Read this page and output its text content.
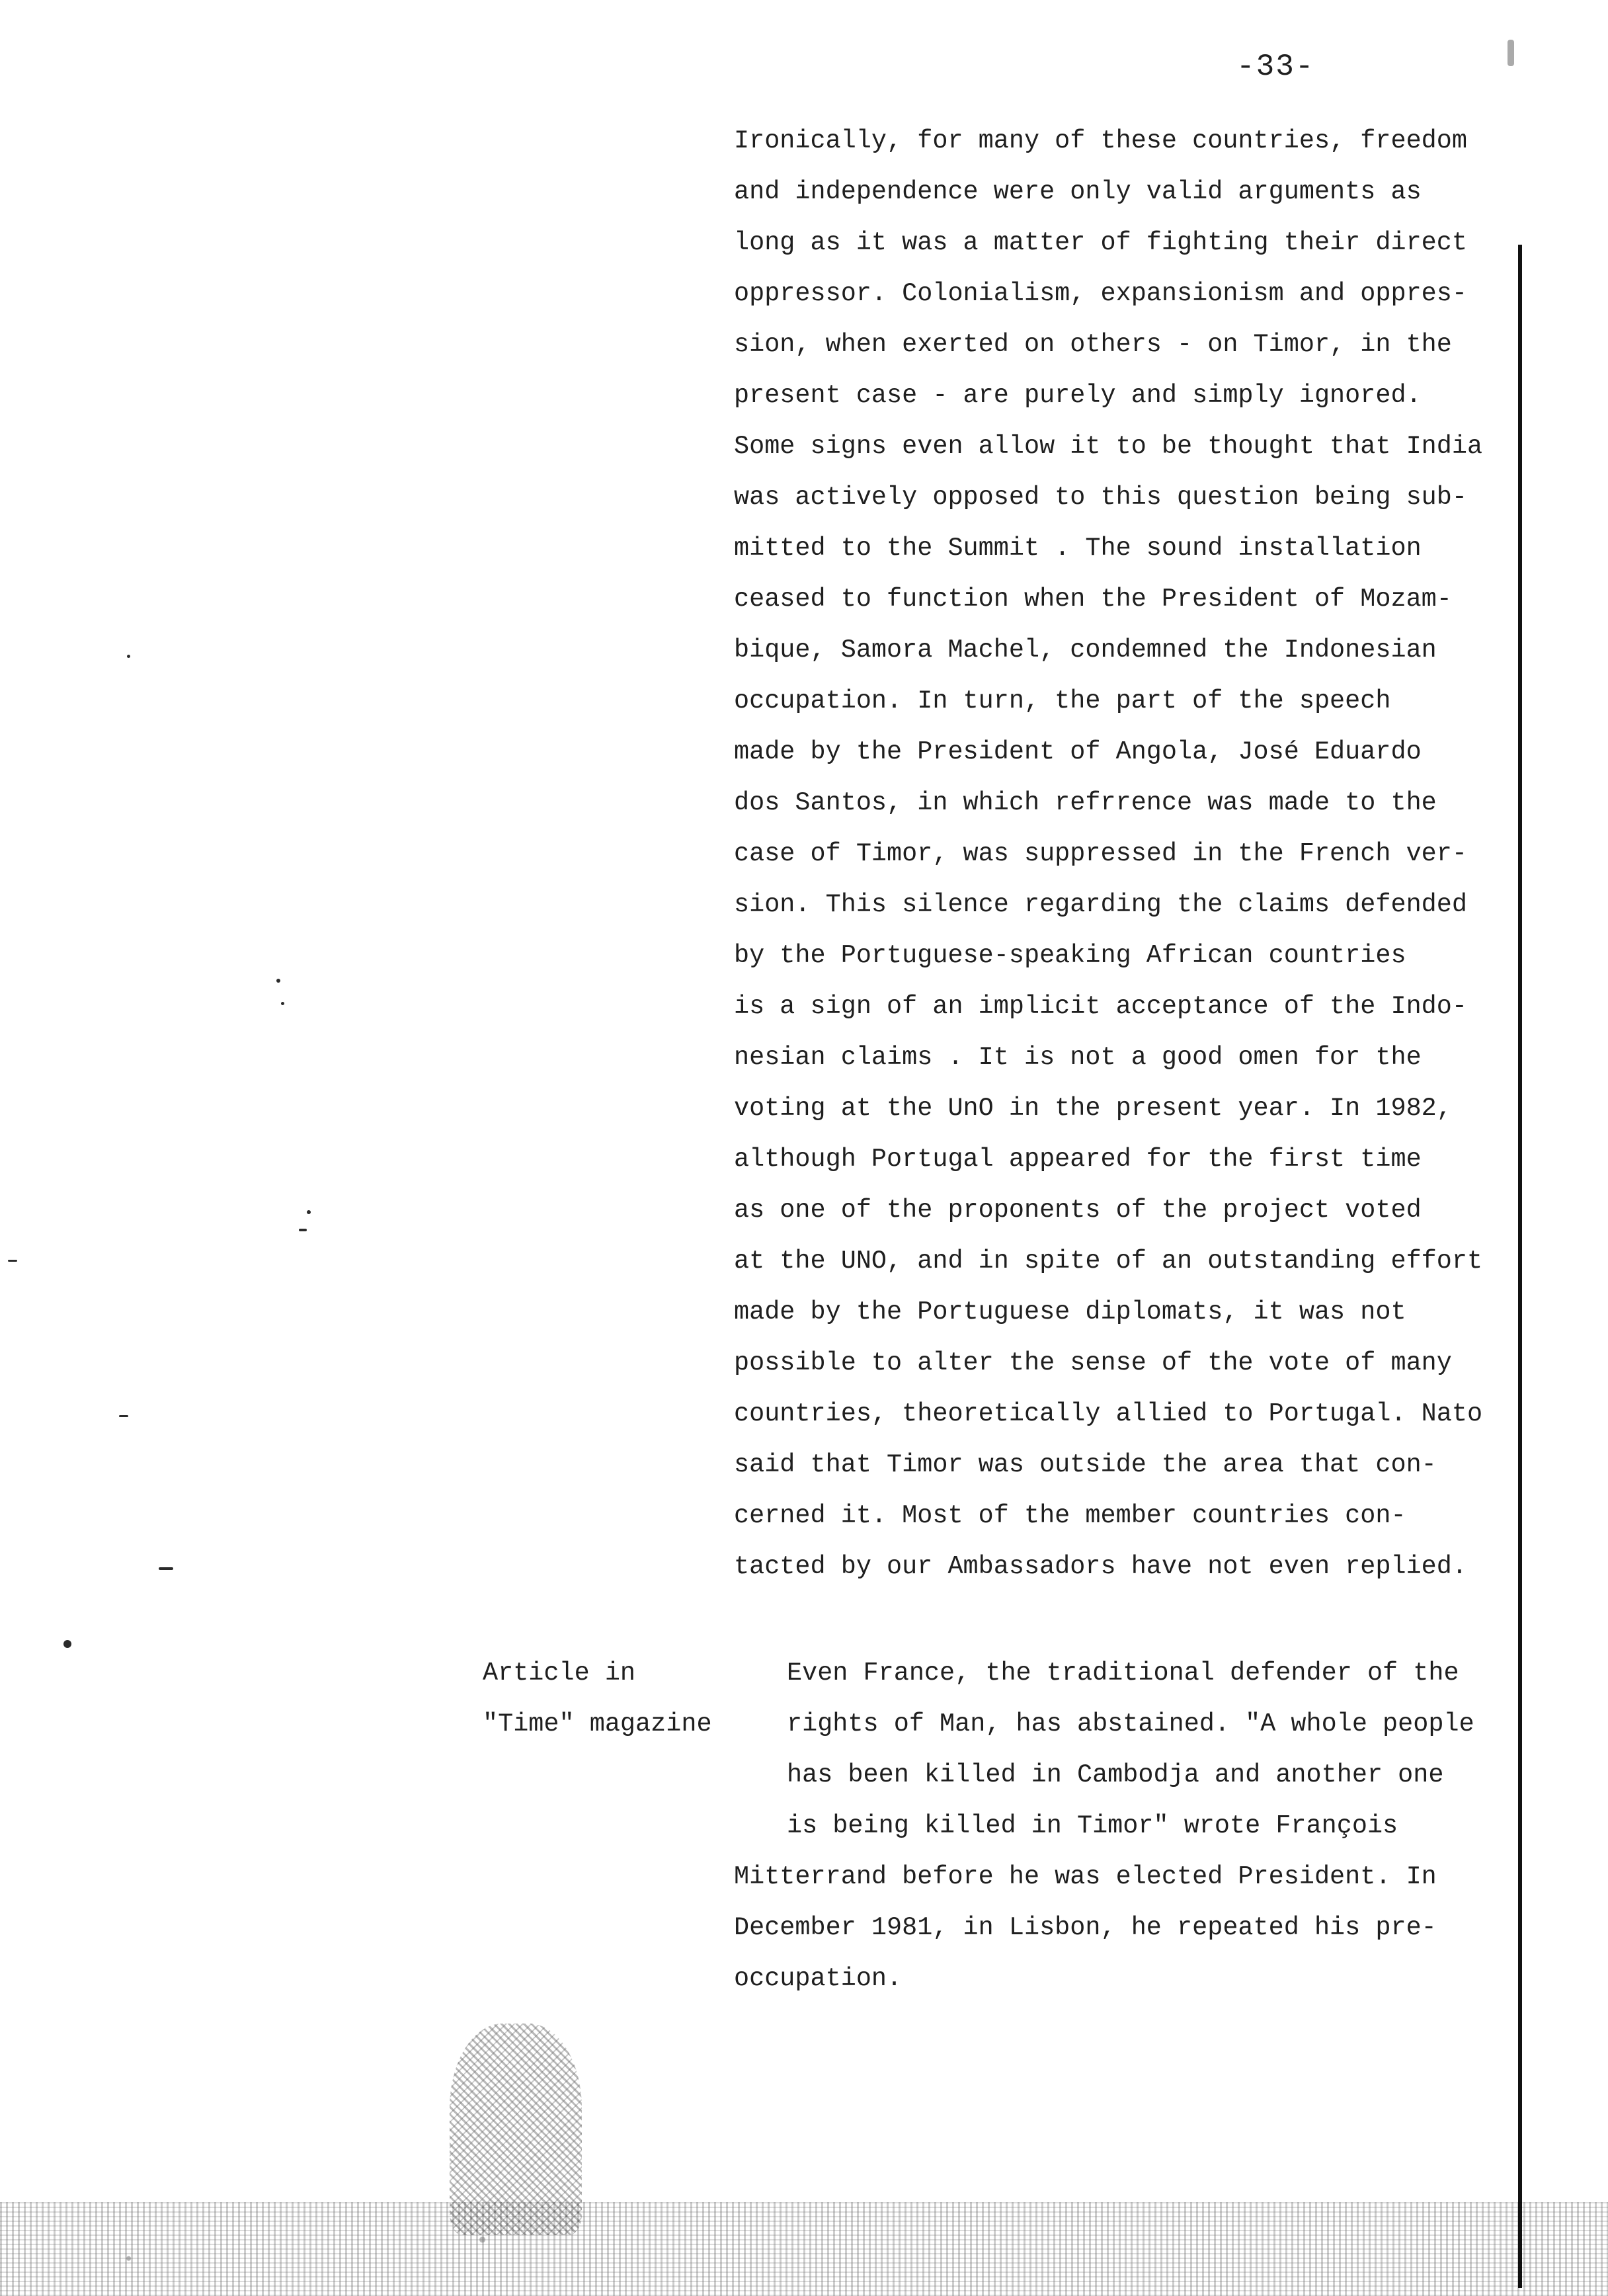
-33-
Ironically, for many of these countries, freedom
and independence were only valid arguments as
long as it was a matter of fighting their direct
oppressor. Colonialism, expansionism and oppres-
sion, when exerted on others - on Timor, in the
present case - are purely and simply ignored.
Some signs even allow it to be thought that India
was actively opposed to this question being sub-
mitted to the Summit . The sound installation
ceased to function when the President of Mozam-
bique, Samora Machel, condemned the Indonesian
occupation. In turn, the part of the speech
made by the President of Angola, José Eduardo
dos Santos, in which refrrence was made to the
case of Timor, was suppressed in the French ver-
sion. This silence regarding the claims defended
by the Portuguese-speaking African countries
is a sign of an implicit acceptance of the Indo-
nesian claims . It is not a good omen for the
voting at the UnO in the present year. In 1982,
although Portugal appeared for the first time
as one of the proponents of the project voted
at the UNO, and in spite of an outstanding effort
made by the Portuguese diplomats, it was not
possible to alter the sense of the vote of many
countries, theoretically allied to Portugal. Nato
said that Timor was outside the area that con-
cerned it. Most of the member countries con-
tacted by our Ambassadors have not even replied.
Article in
"Time" magazine
Even France, the traditional defender of the
rights of Man, has abstained. "A whole people
has been killed in Cambodja and another one
is being killed in Timor" wrote François
Mitterrand before he was elected President. In
December 1981, in Lisbon, he repeated his pre-
occupation.
